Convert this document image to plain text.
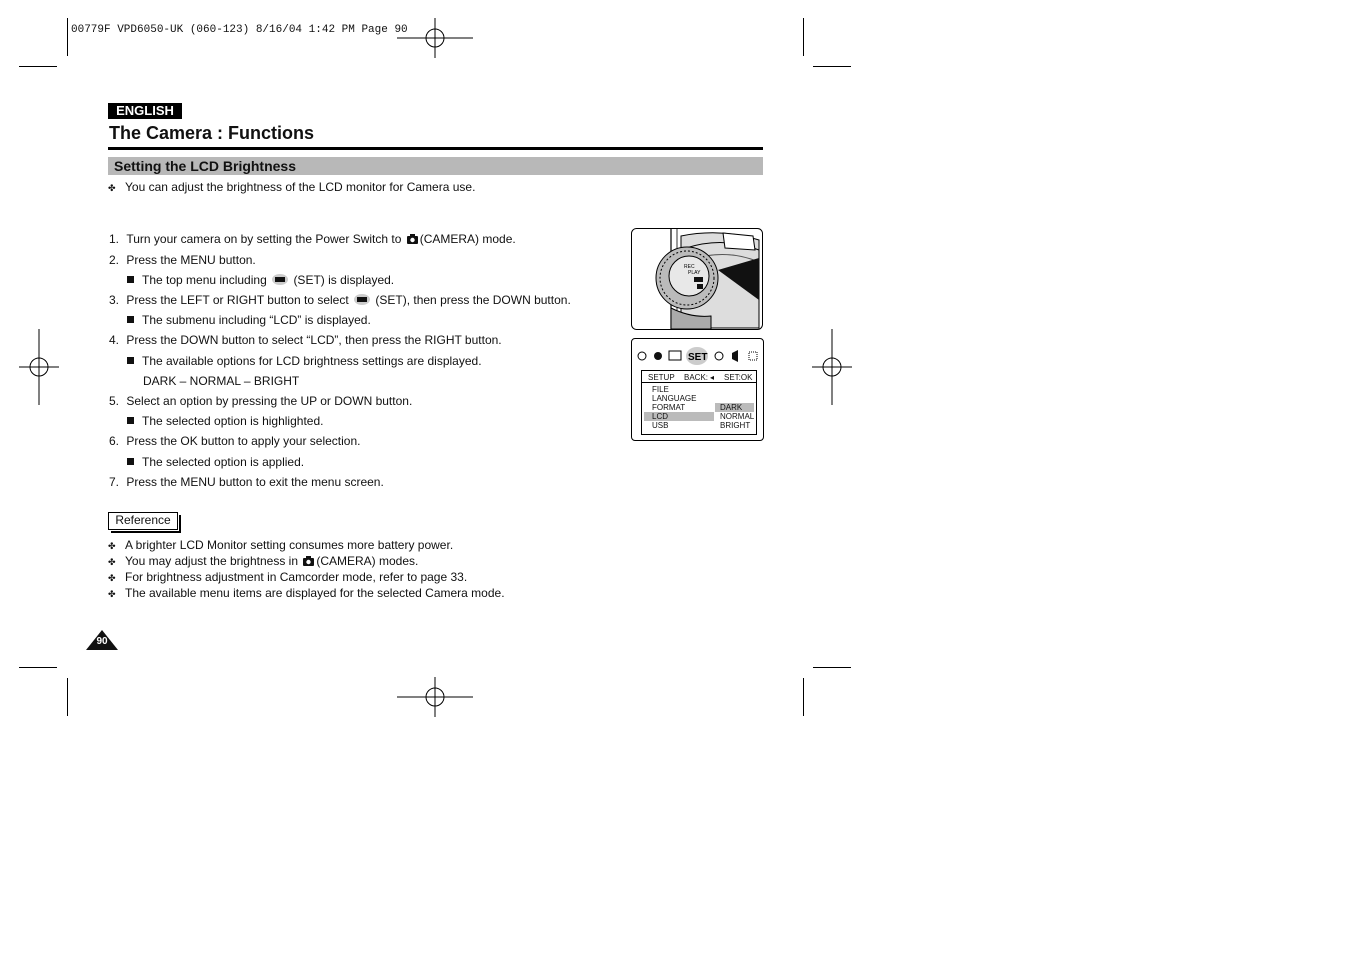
00779F VPD6050-UK (060-123) 8/16/04 1:42 PM Page 90
ENGLISH
The Camera : Functions
Setting the LCD Brightness
✤ You can adjust the brightness of the LCD monitor for Camera use.
1. Turn your camera on by setting the Power Switch to (CAMERA) mode.
2. Press the MENU button.
The top menu including (SET) is displayed.
3. Press the LEFT or RIGHT button to select (SET), then press the DOWN button.
The submenu including “LCD” is displayed.
4. Press the DOWN button to select “LCD”, then press the RIGHT button.
The available options for LCD brightness settings are displayed.
DARK – NORMAL – BRIGHT
5. Select an option by pressing the UP or DOWN button.
The selected option is highlighted.
6. Press the OK button to apply your selection.
The selected option is applied.
7. Press the MENU button to exit the menu screen.
Reference
✤ A brighter LCD Monitor setting consumes more battery power.
✤ You may adjust the brightness in (CAMERA) modes.
✤ For brightness adjustment in Camcorder mode, refer to page 33.
✤ The available menu items are displayed for the selected Camera mode.
90
REC
PLAY
SET
SETUP BACK: ◂ SET:OK
FILE
LANGUAGE
FORMAT
LCD
USB
DARK
NORMAL
BRIGHT
